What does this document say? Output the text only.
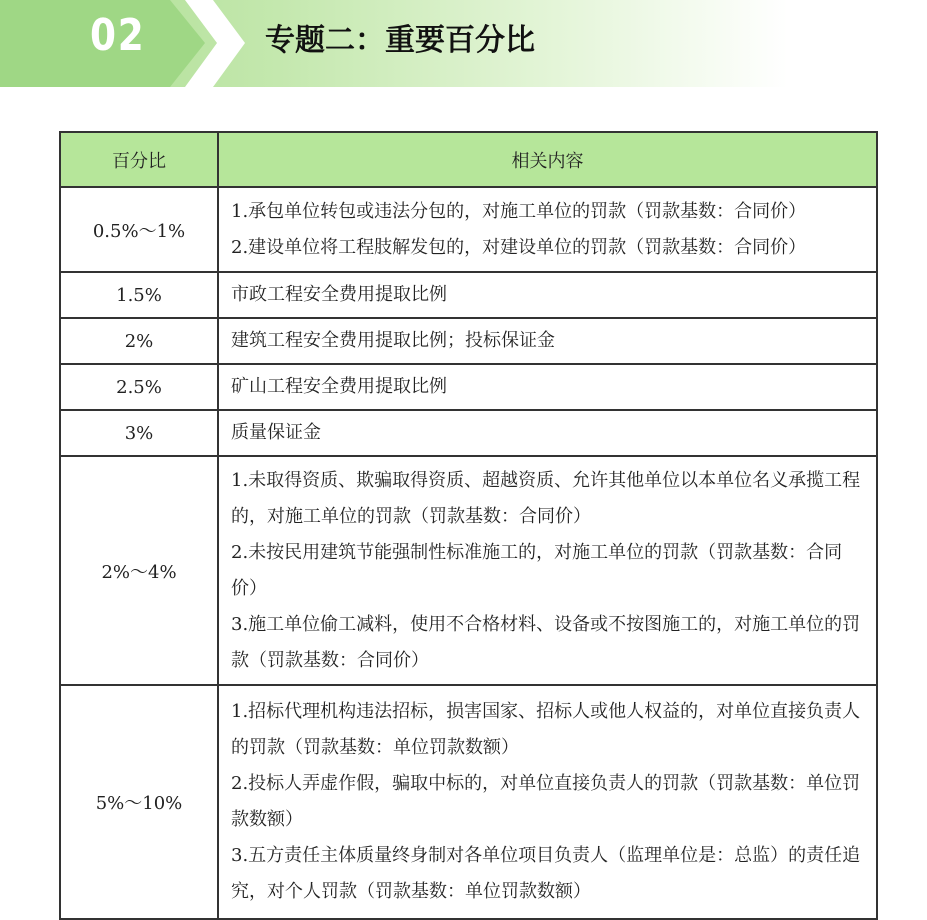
02	专题二：重要百分比
百分比	相关内容
0.5%～1%	1.承包单位转包或违法分包的，对施工单位的罚款（罚款基数：合同价）
2.建设单位将工程肢解发包的，对建设单位的罚款（罚款基数：合同价）

1.5%	市政工程安全费用提取比例

2%	建筑工程安全费用提取比例；投标保证金

2.5%	矿山工程安全费用提取比例

3%	质量保证金

2%～4%	1.未取得资质、欺骗取得资质、超越资质、允许其他单位以本单位名义承揽工程的，对施工单位的罚款（罚款基数：合同价）
2.未按民用建筑节能强制性标准施工的，对施工单位的罚款（罚款基数：合同价）
3.施工单位偷工减料，使用不合格材料、设备或不按图施工的，对施工单位的罚款（罚款基数：合同价）

5%～10%	1.招标代理机构违法招标，损害国家、招标人或他人权益的，对单位直接负责人的罚款（罚款基数：单位罚款数额）
2.投标人弄虚作假，骗取中标的，对单位直接负责人的罚款（罚款基数：单位罚款数额）
3.五方责任主体质量终身制对各单位项目负责人（监理单位是：总监）的责任追究，对个人罚款（罚款基数：单位罚款数额）
